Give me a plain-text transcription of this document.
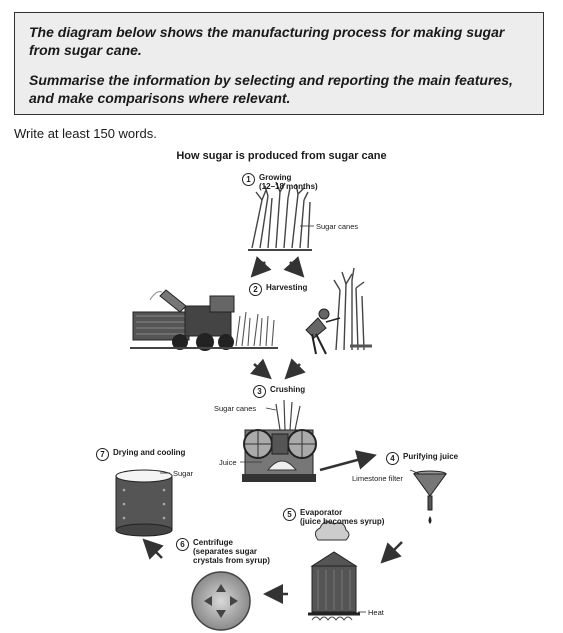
The diagram below shows the manufacturing process for making sugar from sugar cane.

Summarise the information by selecting and reporting the main features, and make comparisons where relevant.

Write at least 150 words.
How sugar is produced from sugar cane
1	Growing
(12–18 months)
2	Harvesting
3	Crushing
4	Purifying juice
5	Evaporator
(juice becomes syrup)
6	Centrifuge
(separates sugar
crystals from syrup)
7	Drying and cooling
Sugar canes
Sugar canes
Juice
Limestone filter
Sugar
Heat
